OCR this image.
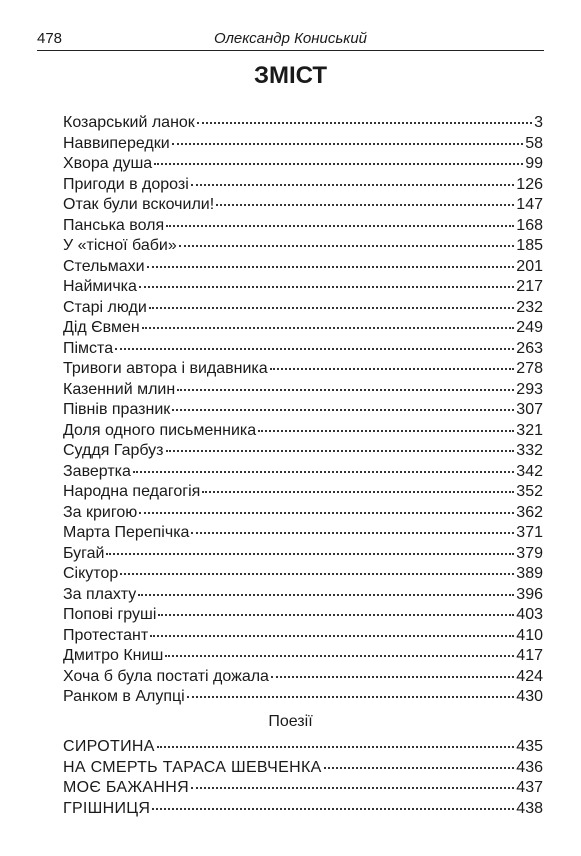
478	Олександр Кониський
ЗМІСТ
Козарський ланок	3
Наввипередки	58
Хвора душа	99
Пригоди в дорозі	126
Отак були вскочили!	147
Панська воля	168
У «тісної баби»	185
Стельмахи	201
Наймичка	217
Старі люди	232
Дід Євмен	249
Пімста	263
Тривоги автора і видавника	278
Казенний млин	293
Півнів празник	307
Доля одного письменника	321
Суддя Гарбуз	332
Завертка	342
Народна педагогія	352
За кригою	362
Марта Перепічка	371
Бугай	379
Сікутор	389
За плахту	396
Попові груші	403
Протестант	410
Дмитро Книш	417
Хоча б була постаті дожала	424
Ранком в Алупці	430
Поезії
СИРОТИНА	435
НА СМЕРТЬ ТАРАСА ШЕВЧЕНКА	436
МОЄ БАЖАННЯ	437
ГРІШНИЦЯ	438
